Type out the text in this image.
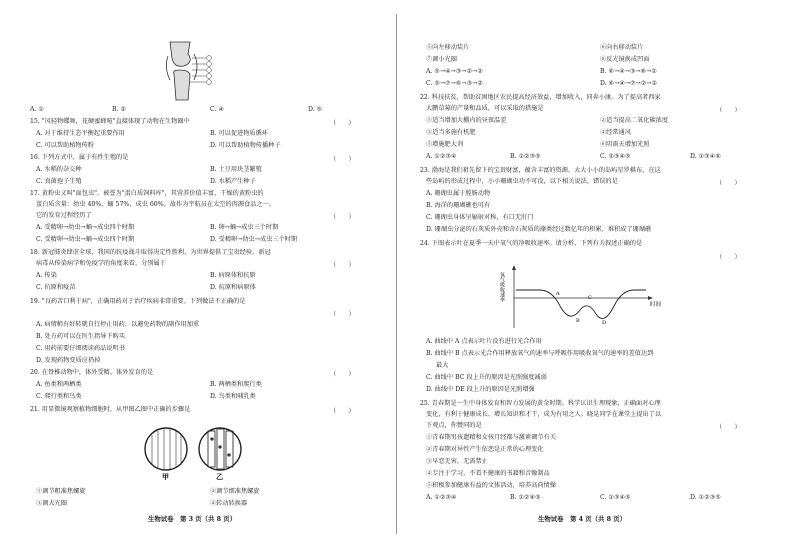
A. ①	B. ②	C. ④	D. ⑤
15. "风轻物蝶舞，花硬蜜蜂喧"直接体现了动物在生物圈中	（　　）
A. 对于维持生态平衡起重要作用	B. 可以促进物质循环
C. 可以帮助植物传粉	D. 可以帮助植物传播种子
16. 下列方式中，属于有性生殖的是	（　　）
A. 水稻的杂交种	B. 土豆用块茎繁殖
C. 真菌孢子生殖	D. 水稻产生种子
17. 黄粉虫又叫"面包虫"，被誉为"蛋白质饲料库"，其营养价值丰富，干燥的黄粉虫的
蛋白质含量：幼虫 40%、蛹 57%、成虫 60%。故作为宇航员在太空的肉源食品之一。
它的发育过程经历了	（　　）
A. 受精卵→幼虫→蛹→成虫四个时期	B. 卵→蛹→成虫三个时期
C. 受精卵→幼虫→蛹→成虫四个时期	D. 受精卵→幼虫→成虫三个时期
18. 新冠肺炎肆虐全球，我国的抗疫战斗取得决定性胜利，为世界提供了宝贵经验。新冠
病毒从传染病学和免疫学的角度来看，分别属于	（　　）
A. 传染	B. 病原体和抗原
C. 抗原和疫苗	D. 抗原和病原体
19. "良药苦口利于病"，正确用药对于治疗疾病非常重要。下列做法不正确的是
（　　）
A. 病情稍有好转就自行停止用药，以避免药物的副作用加重
B. 处方药可以在医生指导下购买
C. 用药前要仔细阅读药品说明书
D. 发现药物变质应扔掉
20. 在脊椎动物中，体外受精、体外发育的是	（　　）
A. 鱼类和两栖类	B. 两栖类和爬行类
C. 爬行类和鸟类	D. 鸟类和哺乳类
21. 用显微镜观察植物细胞时，从甲图乙图中正确的步骤是	（　　）
甲	乙
①调节粗准焦螺旋	②调节细准焦螺旋
③调大光圈	④转动转换器
生物试卷　第 3 页（共 8 页）
⑤向左移动装片	⑥向右移动装片
⑦调小光圈	⑧反光镜换成凹面
A. ⑤→④→③→②→②	B. ⑥→④→③→⑧→②
C. ⑤→⑦→⑥→③→②	D. ⑥→④→⑦→②→②
22. 科技扶贫，帮助贫困地区农民提高经济效益，增加收入，同奔小康。为了提高者西家
大鹏草莓的产量和品质，可以采取的措施是	（　　）
①适当增加大棚内的昼夜温差	②适当提高二氧化碳浓度
③适当多施有机肥	④经常通风
⑤增施肥大剂	⑥阴雨天增加光照
A. ①②③④	B. ①②③⑤	C. ②③④⑤	D. ①③④⑥
23. 渤海是我们祖先留下的宝贵财富，蕴含丰富的资源。大大小小的岛屿星罗棋布，在这
些岛屿的形成过程中，小小珊瑚虫功不可没，以下相关说法，错误的是	（　　）
A. 珊瑚虫属于腔肠动物
B. 海洋的珊瑚礁也可有
C. 珊瑚虫身体呈辐射对称，有口无肛门
D. 珊瑚虫分泌的石灰质外壳和含石灰质的藻类经过数亿年的积累，堆积成了珊瑚礁
24. 下图表示叶在夏季一天中氧气的净吸收速率。请分析，下列有关叙述正确的是
（　　）
氧气吸收速率
时间
A
B
C
D
A. 曲线中 A 点表示叶片没有进行光合作用
B. 曲线中 B 点表示光合作用释放氧气的速率与呼吸作用吸收氧气的速率的差值达到
最大
C. 曲线中 BC 段上升的原因是光照强度减弱
D. 曲线中 DE 段上升的原因是光照增强
25. 青春期是一生中身体发育和智力发展的黄金时期。科学认识生理现象，正确面对心理
变化，有利于健康成长、增长知识和才干，成为有用之人。晓晃同学在课堂上提出了以
下观点，你赞同的是	（　　）
①青春期男孩遗精和女孩月经都与激素调节有关
②青春期对异性产生依恋是正常的心理变化
③早恋无害，无需禁止
④专注于学习，不看不健康的书籍和音像制品
⑤积极参加健康有益的文体活动，培养高尚情操
A. ①②③④	B. ①②④⑤	C. ①③④⑤	D. ①②③⑤
生物试卷　第 4 页（共 8 页）
